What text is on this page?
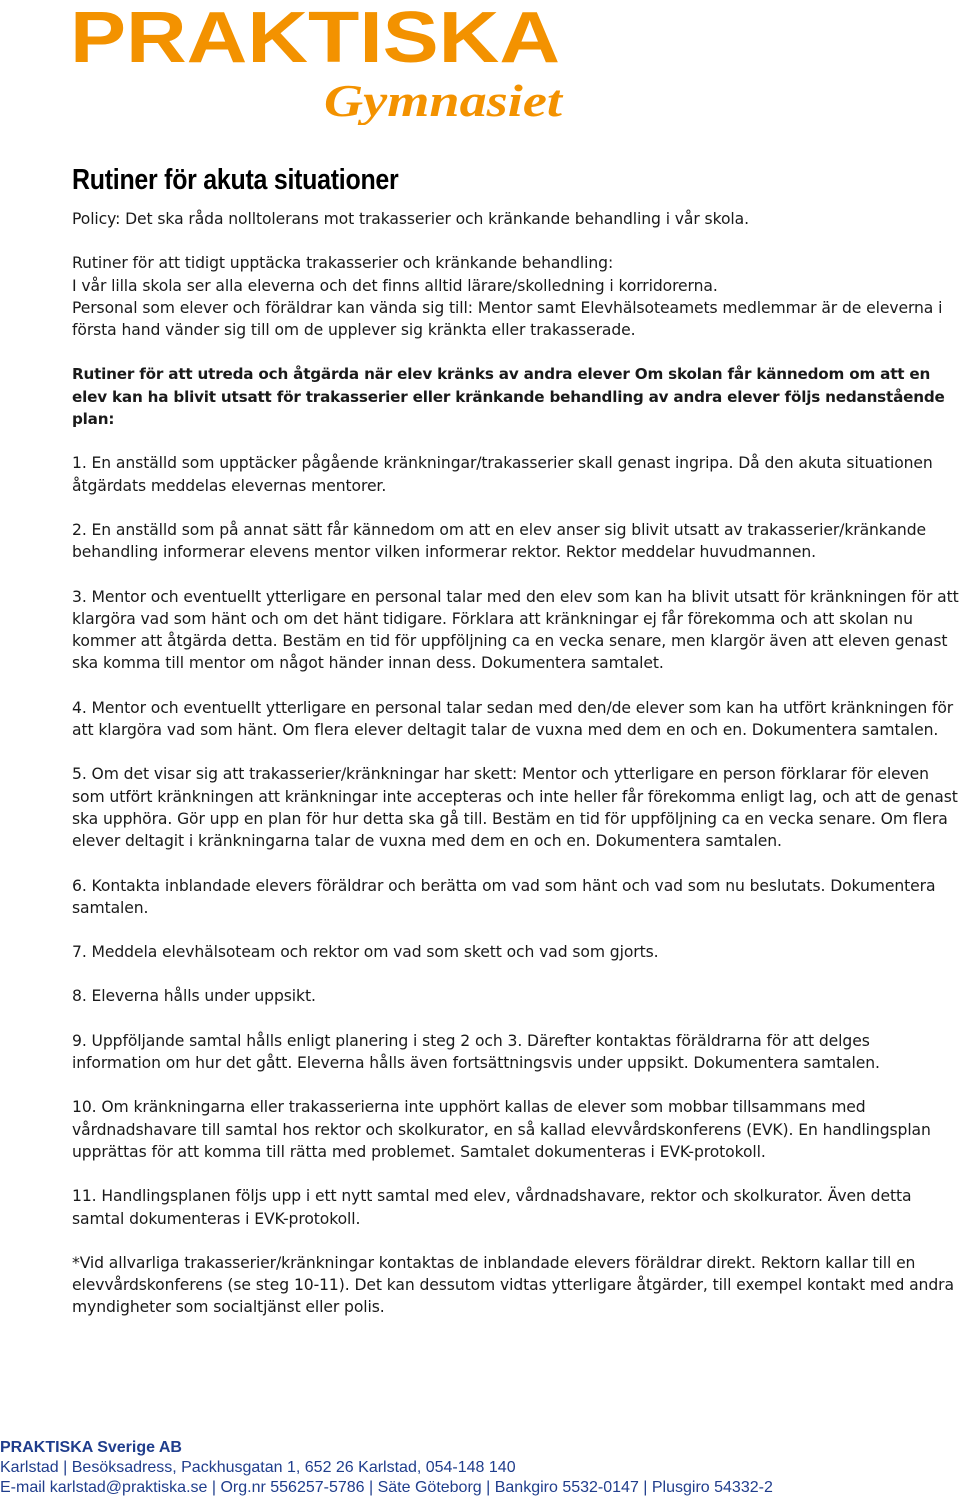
PRAKTISKA
Gymnasiet
Rutiner för akuta situationer

Policy: Det ska råda nolltolerans mot trakasserier och kränkande behandling i vår skola.

Rutiner för att tidigt upptäcka trakasserier och kränkande behandling:

I vår lilla skola ser alla eleverna och det finns alltid lärare/skolledning i korridorerna.

Personal som elever och föräldrar kan vända sig till: Mentor samt Elevhälsoteamets medlemmar är de eleverna i första hand vänder sig till om de upplever sig kränkta eller trakasserade.

Rutiner för att utreda och åtgärda när elev kränks av andra elever Om skolan får kännedom om att en elev kan ha blivit utsatt för trakasserier eller kränkande behandling av andra elever följs nedanstående plan:

1. En anställd som upptäcker pågående kränkningar/trakasserier skall genast ingripa. Då den akuta situationen åtgärdats meddelas elevernas mentorer.

2. En anställd som på annat sätt får kännedom om att en elev anser sig blivit utsatt av trakasserier/kränkande behandling informerar elevens mentor vilken informerar rektor. Rektor meddelar huvudmannen.

3. Mentor och eventuellt ytterligare en personal talar med den elev som kan ha blivit utsatt för kränkningen för att klargöra vad som hänt och om det hänt tidigare. Förklara att kränkningar ej får förekomma och att skolan nu kommer att åtgärda detta. Bestäm en tid för uppföljning ca en vecka senare, men klargör även att eleven genast ska komma till mentor om något händer innan dess. Dokumentera samtalet.

4. Mentor och eventuellt ytterligare en personal talar sedan med den/de elever som kan ha utfört kränkningen för att klargöra vad som hänt. Om flera elever deltagit talar de vuxna med dem en och en. Dokumentera samtalen.

5. Om det visar sig att trakasserier/kränkningar har skett: Mentor och ytterligare en person förklarar för eleven som utfört kränkningen att kränkningar inte accepteras och inte heller får förekomma enligt lag, och att de genast ska upphöra. Gör upp en plan för hur detta ska gå till. Bestäm en tid för uppföljning ca en vecka senare. Om flera elever deltagit i kränkningarna talar de vuxna med dem en och en. Dokumentera samtalen.

6. Kontakta inblandade elevers föräldrar och berätta om vad som hänt och vad som nu beslutats. Dokumentera samtalen.

7. Meddela elevhälsoteam och rektor om vad som skett och vad som gjorts.

8. Eleverna hålls under uppsikt.

9. Uppföljande samtal hålls enligt planering i steg 2 och 3. Därefter kontaktas föräldrarna för att delges information om hur det gått. Eleverna hålls även fortsättningsvis under uppsikt. Dokumentera samtalen.

10. Om kränkningarna eller trakasserierna inte upphört kallas de elever som mobbar tillsammans med vårdnadshavare till samtal hos rektor och skolkurator, en så kallad elevvårdskonferens (EVK). En handlingsplan upprättas för att komma till rätta med problemet. Samtalet dokumenteras i EVK-protokoll.

11. Handlingsplanen följs upp i ett nytt samtal med elev, vårdnadshavare, rektor och skolkurator. Även detta samtal dokumenteras i EVK-protokoll.

*Vid allvarliga trakasserier/kränkningar kontaktas de inblandade elevers föräldrar direkt. Rektorn kallar till en elevvårdskonferens (se steg 10-11). Det kan dessutom vidtas ytterligare åtgärder, till exempel kontakt med andra myndigheter som socialtjänst eller polis.

PRAKTISKA Sverige AB
Karlstad | Besöksadress, Packhusgatan 1, 652 26 Karlstad, 054-148 140
E-mail karlstad@praktiska.se | Org.nr 556257-5786 | Säte Göteborg | Bankgiro 5532-0147 | Plusgiro 54332-2
